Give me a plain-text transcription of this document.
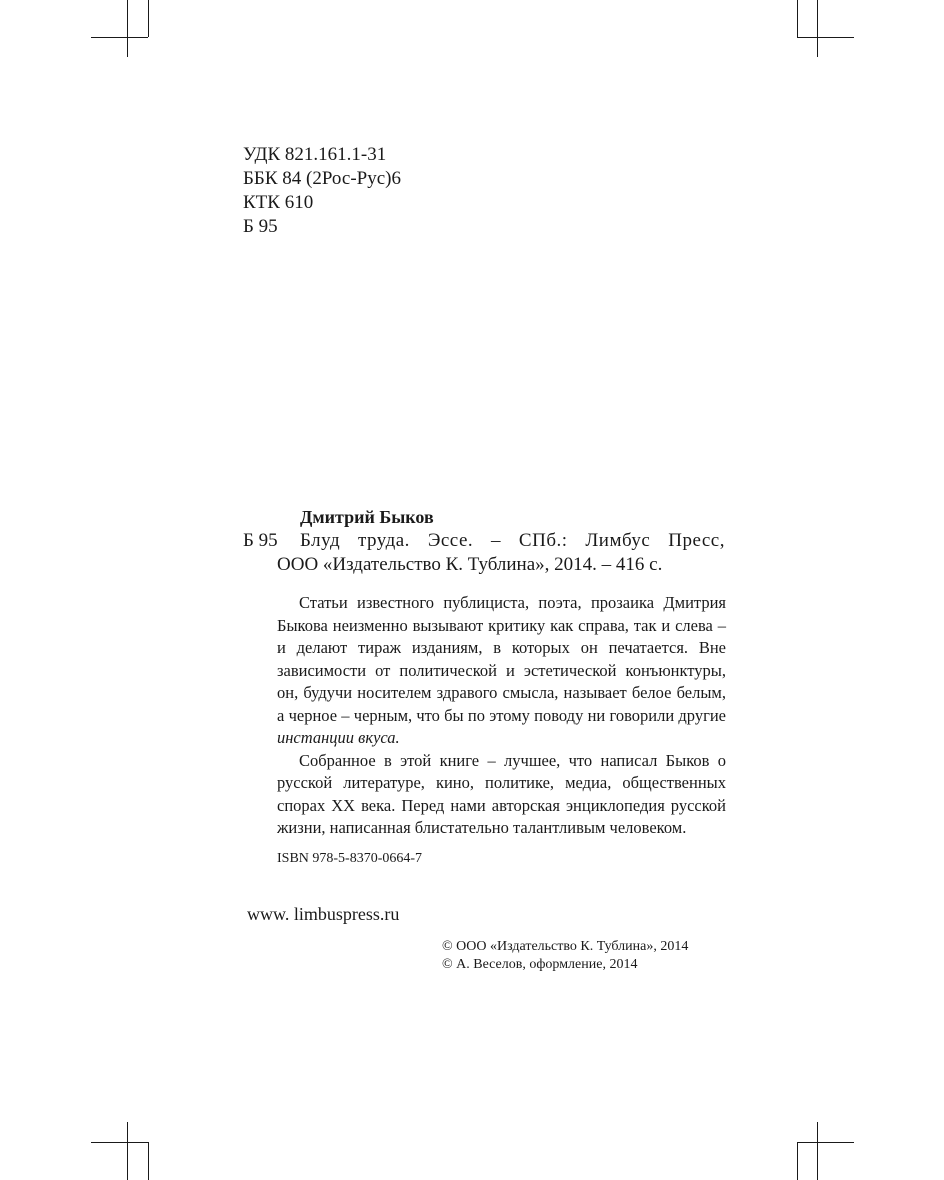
УДК 821.161.1-31
ББК 84 (2Рос-Рус)6
КТК 610
Б 95
Дмитрий Быков
Б 95 Блуд труда. Эссе. – СПб.: Лимбус Пресс,
ООО «Издательство К. Тублина», 2014. – 416 с.

Статьи известного публициста, поэта, прозаика Дмитрия Быкова неизменно вызывают критику как справа, так и слева – и делают тираж изданиям, в которых он печатается. Вне зависимости от политической и эстетической конъюнктуры, он, будучи носителем здравого смысла, называет белое белым, а черное – черным, что бы по этому поводу ни говорили другие инстанции вкуса.

Собранное в этой книге – лучшее, что написал Быков о русской литературе, кино, политике, медиа, общественных спорах XX века. Перед нами авторская энциклопедия русской жизни, написанная блистательно талантливым человеком.

ISBN 978-5-8370-0664-7
www. limbuspress.ru
© ООО «Издательство К. Тублина», 2014
© А. Веселов, оформление, 2014
